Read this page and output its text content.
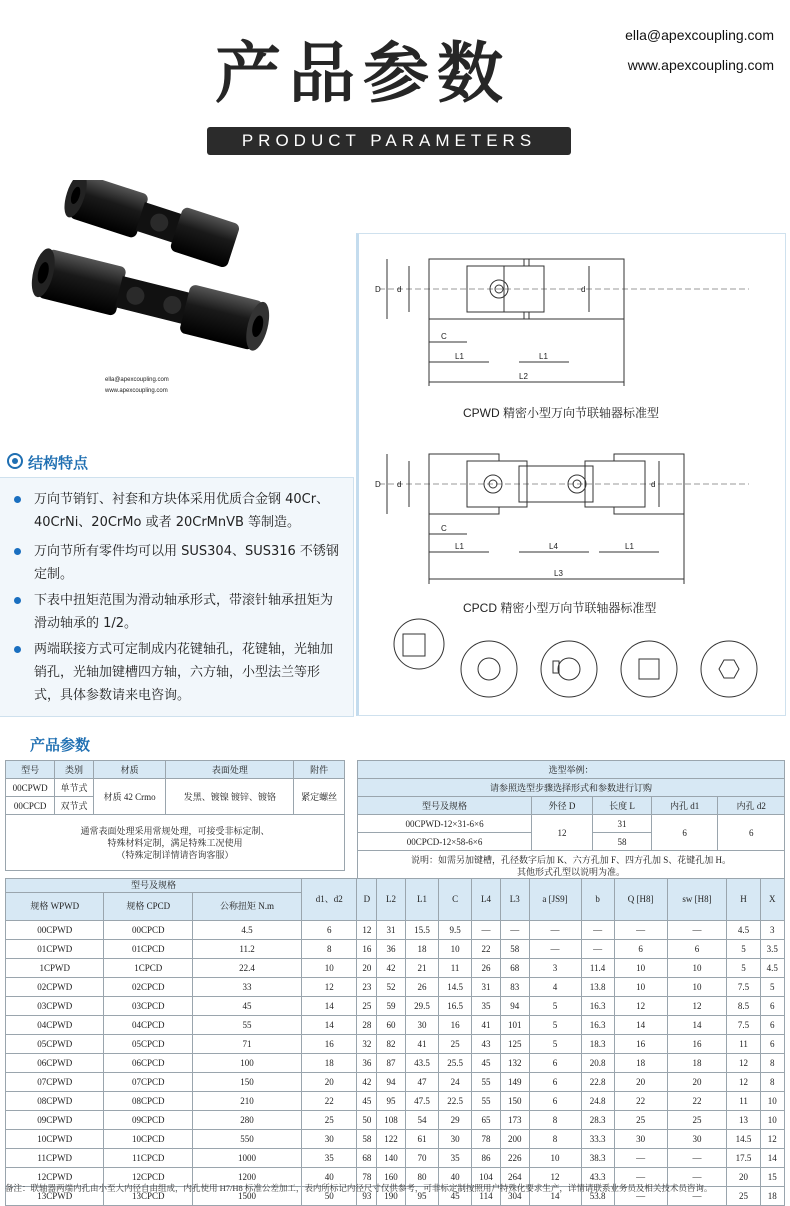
产品参数
PRODUCT PARAMETERS
ella@apexcoupling.com
www.apexcoupling.com
ella@apexcoupling.com
www.apexcoupling.com
D d	d
C
L1	L1
L2
D d	d
C
L1	L4	L1
L3
CPWD 精密小型万向节联轴器标准型
CPCD 精密小型万向节联轴器标准型
结构特点
万向节销钉、衬套和方块体采用优质合金钢 40Cr、40CrNi、20CrMo 或者 20CrMnVB 等制造。
万向节所有零件均可以用 SUS304、SUS316 不锈钢定制。
下表中扭矩范围为滑动轴承形式，带滚针轴承扭矩为滑动轴承的 1/2。
两端联接方式可定制成内花键轴孔，花键轴，光轴加销孔，光轴加键槽四方轴，六方轴，小型法兰等形式，具体参数请来电咨询。
产品参数
型号	类别	材质	表面处理	附件
00CPWD	单节式	材质 42 Crmo	发黑、镀镍 镀锌、镀铬	紧定螺丝
00CPCD	双节式			

通常表面处理采用常规处理，可接受非标定制、
特殊材料定制，满足特殊工况使用
（特殊定制详情请咨询客服）				
选型举例：				
请参照选型步骤选择形式和参数进行订购				
型号及规格	外径 D	长度 L	内孔 d1	内孔 d2
00CPWD-12×31-6×6	12	31	6	6
00CPCD-12×58-6×6		58		

说明：如需另加键槽，孔径数字后加 K、六方孔加 F、四方孔加 S、花键孔加 H。
其他形式孔型以说明为准。				
型号及规格			d1、d2	D	L2	L1	C	L4	L3	a [JS9]	b	Q [H8]	sw [H8]	H	X
规格 WPWD	规格 CPCD	公称扭矩 N.m													
00CPWD	00CPCD	4.5	6	12	31	15.5	9.5	—	—	—	—	—	—	4.5	3
01CPWD	01CPCD	11.2	8	16	36	18	10	22	58	—	—	6	6	5	3.5
1CPWD	1CPCD	22.4	10	20	42	21	11	26	68	3	11.4	10	10	5	4.5
02CPWD	02CPCD	33	12	23	52	26	14.5	31	83	4	13.8	10	10	7.5	5
03CPWD	03CPCD	45	14	25	59	29.5	16.5	35	94	5	16.3	12	12	8.5	6
04CPWD	04CPCD	55	14	28	60	30	16	41	101	5	16.3	14	14	7.5	6
05CPWD	05CPCD	71	16	32	82	41	25	43	125	5	18.3	16	16	11	6
06CPWD	06CPCD	100	18	36	87	43.5	25.5	45	132	6	20.8	18	18	12	8
07CPWD	07CPCD	150	20	42	94	47	24	55	149	6	22.8	20	20	12	8
08CPWD	08CPCD	210	22	45	95	47.5	22.5	55	150	6	24.8	22	22	11	10
09CPWD	09CPCD	280	25	50	108	54	29	65	173	8	28.3	25	25	13	10
10CPWD	10CPCD	550	30	58	122	61	30	78	200	8	33.3	30	30	14.5	12
11CPWD	11CPCD	1000	35	68	140	70	35	86	226	10	38.3	—	—	17.5	14
12CPWD	12CPCD	1200	40	78	160	80	40	104	264	12	43.3	—	—	20	15
13CPWD	13CPCD	1500	50	93	190	95	45	114	304	14	53.8	—	—	25	18
备注：联轴器两端内孔由小至大内径自由组成，内孔使用 H7/H8 标准公差加工，表内所标记内径尺寸仅供参考，可非标定制按照用户特殊化要求生产，详情请联系业务员及相关技术员咨询。
